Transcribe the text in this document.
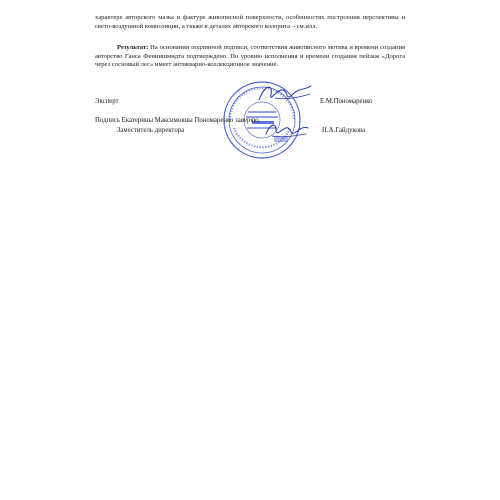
характере авторского мазка и фактуре живописной поверхности, особенностях построения перспективы и свето-воздушной композиции, а также в деталях авторского колорита – см.илл.

Результат: На основании подлинной подписи, соответствия живописного мотива и времени создания авторство Ганса Фениншмидта подтверждено. По уровню исполнения и времени создания пейзаж «Дорога через сосновый лес» имеет антикварно-коллекционное значение.

Эксперт	Е.М.Пономаренко
Подпись Екатерины Максимовны Пономаренко заверяю.
Заместитель директора	Н.А.Гайдукова
